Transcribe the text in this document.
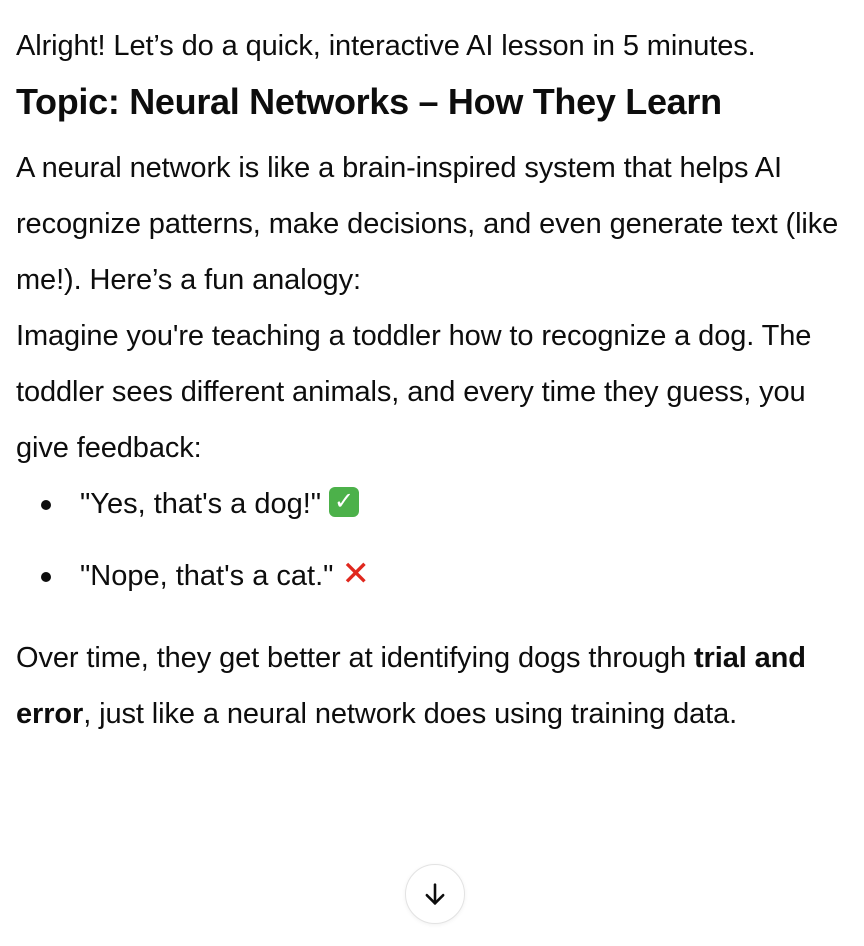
Alright! Let’s do a quick, interactive AI lesson in 5 minutes.

Topic: Neural Networks – How They Learn

A neural network is like a brain-inspired system that helps AI recognize patterns, make decisions, and even generate text (like me!). Here’s a fun analogy:

Imagine you're teaching a toddler how to recognize a dog. The toddler sees different animals, and every time they guess, you give feedback:

"Yes, that's a dog!" ✓
"Nope, that's a cat." ✕

Over time, they get better at identifying dogs through trial and error, just like a neural network does using training data.
